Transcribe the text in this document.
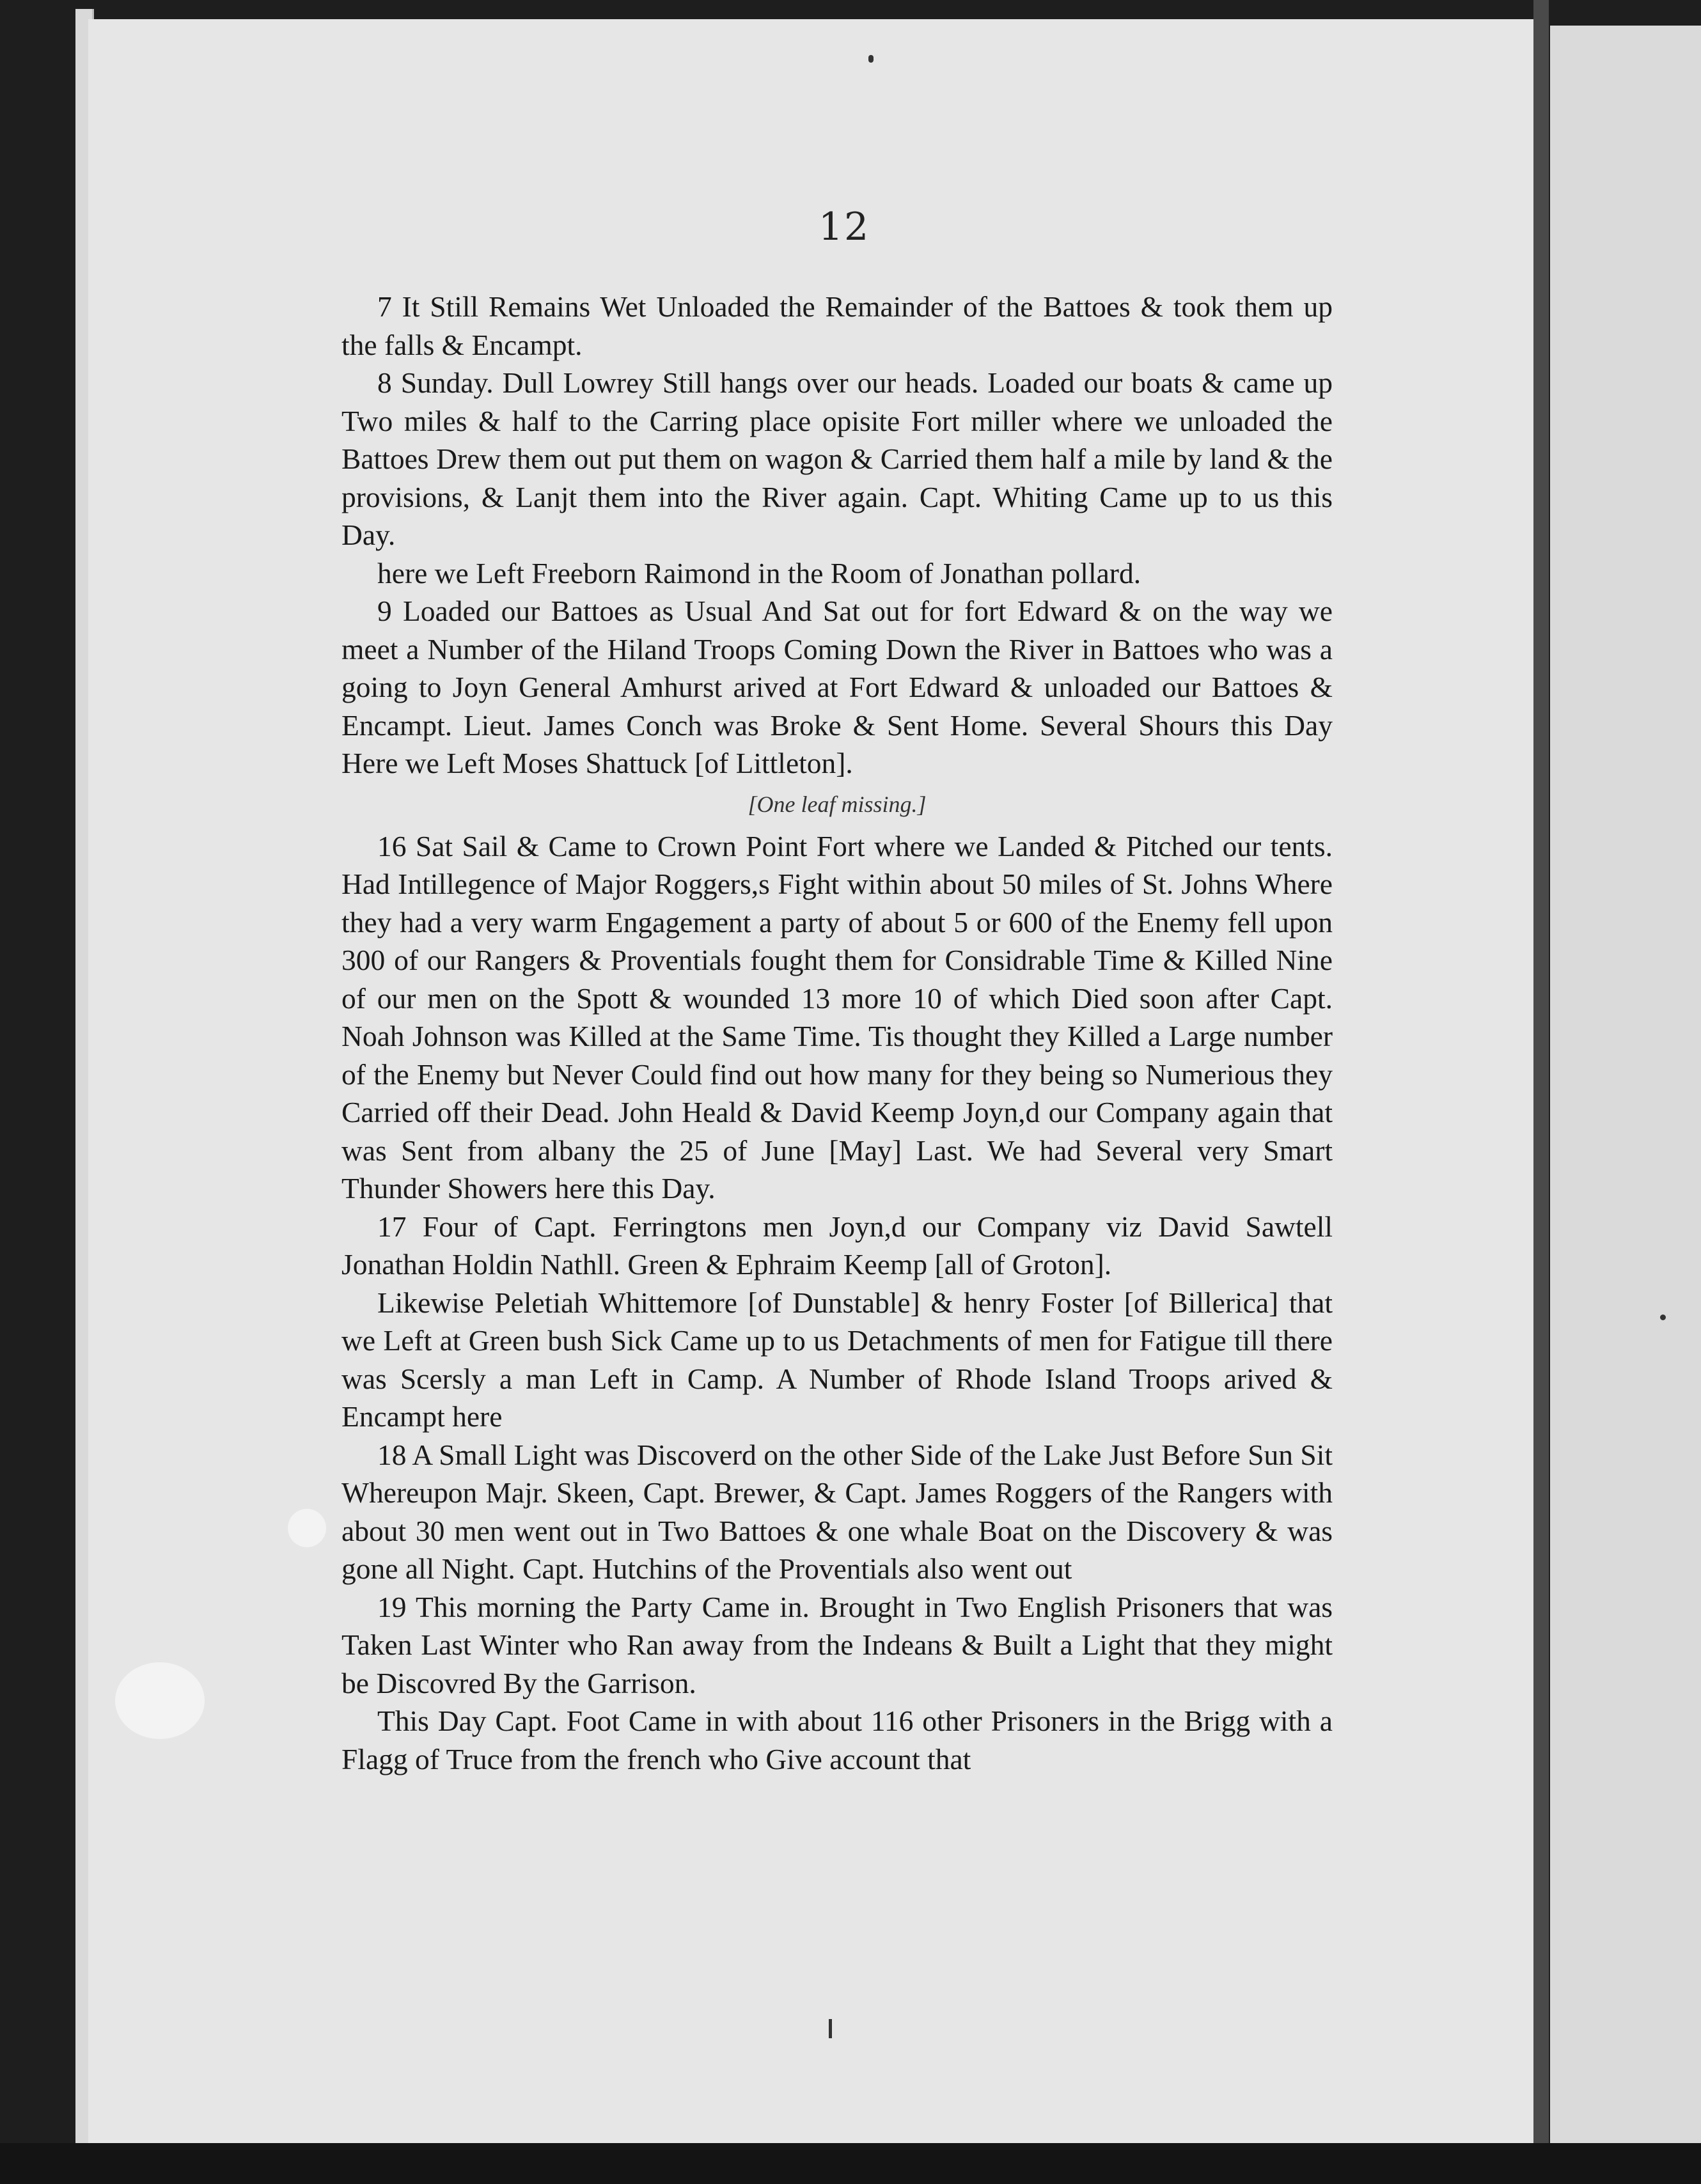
12

7 It Still Remains Wet Unloaded the Remainder of the Battoes & took them up the falls & Encampt.

8 Sunday. Dull Lowrey Still hangs over our heads. Loaded our boats & came up Two miles & half to the Carring place opisite Fort miller where we unloaded the Battoes Drew them out put them on wagon & Carried them half a mile by land & the provisions, & Lanjt them into the River again. Capt. Whiting Came up to us this Day.

here we Left Freeborn Raimond in the Room of Jonathan pollard.

9 Loaded our Battoes as Usual And Sat out for fort Edward & on the way we meet a Number of the Hiland Troops Coming Down the River in Battoes who was a going to Joyn General Amhurst arived at Fort Edward & unloaded our Battoes & Encampt. Lieut. James Conch was Broke & Sent Home. Several Shours this Day Here we Left Moses Shattuck [of Littleton].

[One leaf missing.]

16 Sat Sail & Came to Crown Point Fort where we Landed & Pitched our tents. Had Intillegence of Major Roggers,s Fight within about 50 miles of St. Johns Where they had a very warm Engagement a party of about 5 or 600 of the Enemy fell upon 300 of our Rangers & Proventials fought them for Considrable Time & Killed Nine of our men on the Spott & wounded 13 more 10 of which Died soon after Capt. Noah Johnson was Killed at the Same Time. Tis thought they Killed a Large number of the Enemy but Never Could find out how many for they being so Numerious they Carried off their Dead. John Heald & David Keemp Joyn,d our Company again that was Sent from albany the 25 of June [May] Last. We had Several very Smart Thunder Showers here this Day.

17 Four of Capt. Ferringtons men Joyn,d our Company viz David Sawtell Jonathan Holdin Nathll. Green & Ephraim Keemp [all of Groton].

Likewise Peletiah Whittemore [of Dunstable] & henry Foster [of Billerica] that we Left at Green bush Sick Came up to us Detachments of men for Fatigue till there was Scersly a man Left in Camp. A Number of Rhode Island Troops arived & Encampt here

18 A Small Light was Discoverd on the other Side of the Lake Just Before Sun Sit Whereupon Majr. Skeen, Capt. Brewer, & Capt. James Roggers of the Rangers with about 30 men went out in Two Battoes & one whale Boat on the Discovery & was gone all Night. Capt. Hutchins of the Proventials also went out

19 This morning the Party Came in. Brought in Two English Prisoners that was Taken Last Winter who Ran away from the Indeans & Built a Light that they might be Discovred By the Garrison.

This Day Capt. Foot Came in with about 116 other Prisoners in the Brigg with a Flagg of Truce from the french who Give account that
